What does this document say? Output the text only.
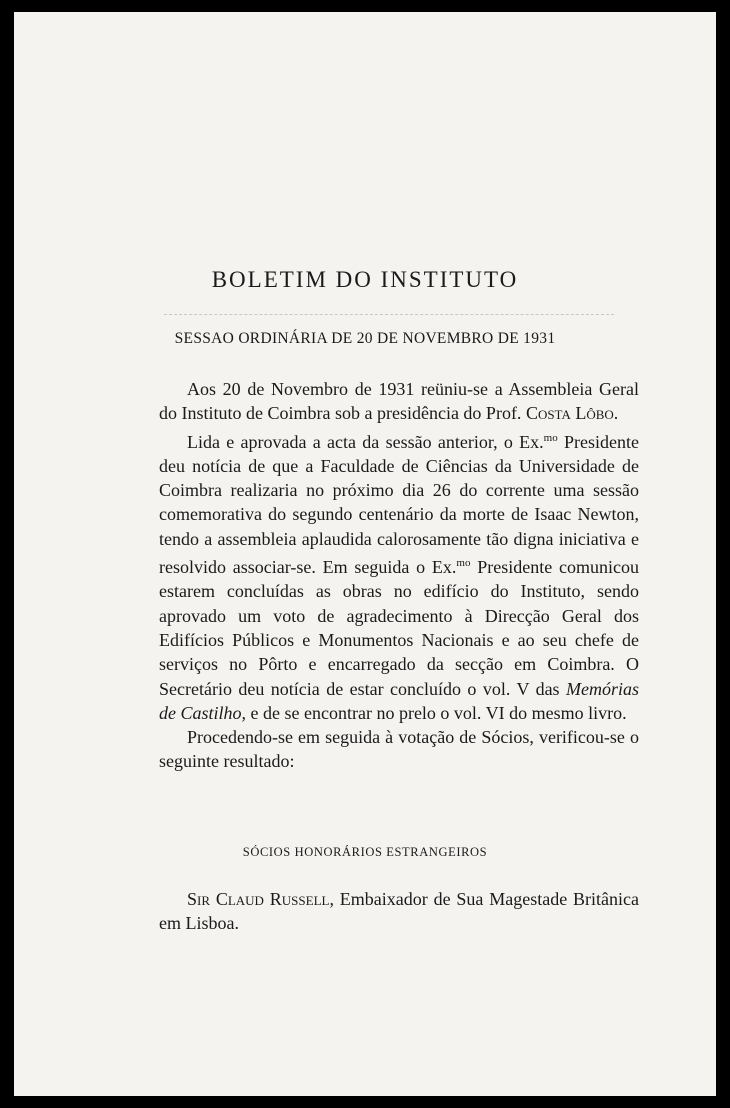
BOLETIM DO INSTITUTO
SESSAO ORDINÁRIA DE 20 DE NOVEMBRO DE 1931

Aos 20 de Novembro de 1931 reüniu-se a Assembleia Geral do Instituto de Coimbra sob a presidência do Prof. Costa Lôbo.

Lida e aprovada a acta da sessão anterior, o Ex.$^{mo}$ Presidente deu notícia de que a Faculdade de Ciências da Universidade de Coimbra realizaria no próximo dia 26 do corrente uma sessão comemorativa do segundo centenário da morte de Isaac Newton, tendo a assembleia aplaudida calorosamente tão digna iniciativa e resolvido associar-se. Em seguida o Ex.$^{mo}$ Presidente comunicou estarem concluídas as obras no edifício do Instituto, sendo aprovado um voto de agradecimento à Direcção Geral dos Edifícios Públicos e Monumentos Nacionais e ao seu chefe de serviços no Pôrto e encarregado da secção em Coimbra. O Secretário deu notícia de estar concluído o vol. V das Memórias de Castilho, e de se encontrar no prelo o vol. VI do mesmo livro.

Procedendo-se em seguida à votação de Sócios, verificou-se o seguinte resultado:

SÓCIOS HONORÁRIOS ESTRANGEIROS

Sir Claud Russell, Embaixador de Sua Magestade Britânica em Lisboa.
